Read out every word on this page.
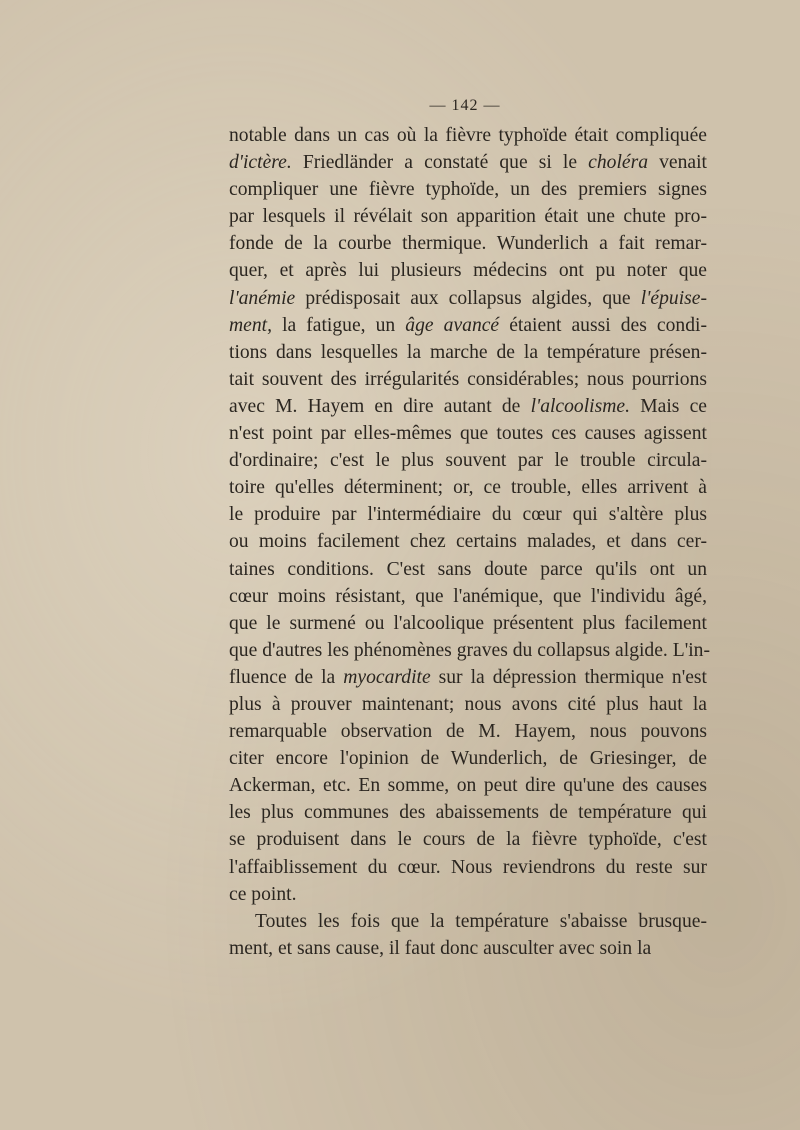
— 142 —
notable dans un cas où la fièvre typhoïde était compliquée
d'ictère. Friedländer a constaté que si le choléra venait
compliquer une fièvre typhoïde, un des premiers signes
par lesquels il révélait son apparition était une chute pro-
fonde de la courbe thermique. Wunderlich a fait remar-
quer, et après lui plusieurs médecins ont pu noter que
l'anémie prédisposait aux collapsus algides, que l'épuise-
ment, la fatigue, un âge avancé étaient aussi des condi-
tions dans lesquelles la marche de la température présen-
tait souvent des irrégularités considérables; nous pourrions
avec M. Hayem en dire autant de l'alcoolisme. Mais ce
n'est point par elles-mêmes que toutes ces causes agissent
d'ordinaire; c'est le plus souvent par le trouble circula-
toire qu'elles déterminent; or, ce trouble, elles arrivent à
le produire par l'intermédiaire du cœur qui s'altère plus
ou moins facilement chez certains malades, et dans cer-
taines conditions. C'est sans doute parce qu'ils ont un
cœur moins résistant, que l'anémique, que l'individu âgé,
que le surmené ou l'alcoolique présentent plus facilement
que d'autres les phénomènes graves du collapsus algide. L'in-
fluence de la myocardite sur la dépression thermique n'est
plus à prouver maintenant; nous avons cité plus haut la
remarquable observation de M. Hayem, nous pouvons
citer encore l'opinion de Wunderlich, de Griesinger, de
Ackerman, etc. En somme, on peut dire qu'une des causes
les plus communes des abaissements de température qui
se produisent dans le cours de la fièvre typhoïde, c'est
l'affaiblissement du cœur. Nous reviendrons du reste sur
ce point.
Toutes les fois que la température s'abaisse brusque-
ment, et sans cause, il faut donc ausculter avec soin la
